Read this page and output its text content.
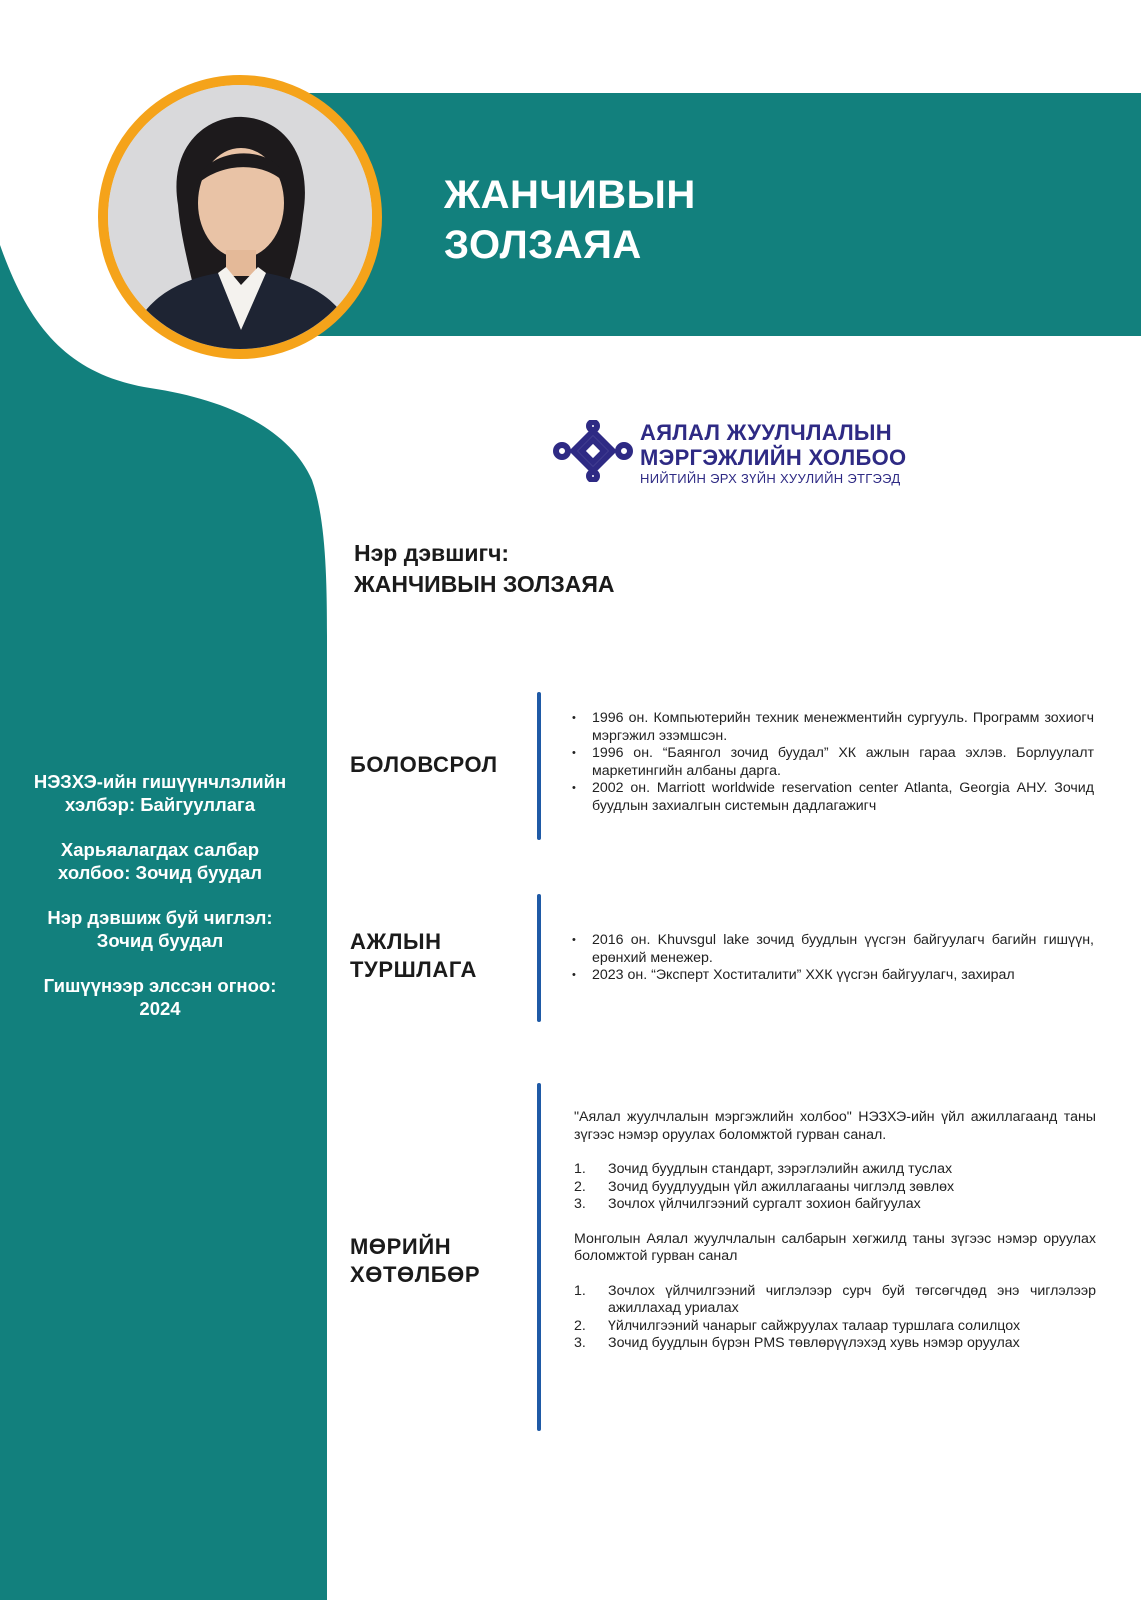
ЖАНЧИВЫН
ЗОЛЗАЯА
АЯЛАЛ ЖУУЛЧЛАЛЫН
МЭРГЭЖЛИЙН ХОЛБОО
НИЙТИЙН ЭРХ ЗҮЙН ХУУЛИЙН ЭТГЭЭД
Нэр дэвшигч:
ЖАНЧИВЫН ЗОЛЗАЯА
НЭЗХЭ-ийн гишүүнчлэлийн хэлбэр: Байгууллага
Харьяалагдах салбар холбоо: Зочид буудал
Нэр дэвшиж буй чиглэл: Зочид буудал
Гишүүнээр элссэн огноо: 2024
БОЛОВСРОЛ
• 1996 он. Компьютерийн техник менежментийн сургууль. Программ зохиогч мэргэжил эзэмшсэн.
• 1996 он. “Баянгол зочид буудал” ХК ажлын гараа эхлэв. Борлуулалт маркетингийн албаны дарга.
• 2002 он. Marriott worldwide reservation center Atlanta, Georgia АНУ. Зочид буудлын захиалгын системын дадлагажигч
АЖЛЫН
ТУРШЛАГА
• 2016 он. Khuvsgul lake зочид буудлын үүсгэн байгуулагч багийн гишүүн, ерөнхий менежер.
• 2023 он. “Эксперт Хоститалити” ХХК үүсгэн байгуулагч, захирал
МӨРИЙН
ХӨТӨЛБӨР

"Аялал жуулчлалын мэргэжлийн холбоо" НЭЗХЭ-ийн үйл ажиллагаанд таны зүгээс нэмэр оруулах боломжтой гурван санал.

1. Зочид буудлын стандарт, зэрэглэлийн ажилд туслах
2. Зочид буудлуудын үйл ажиллагааны чиглэлд зөвлөх
3. Зочлох үйлчилгээний сургалт зохион байгуулах

Монголын Аялал жуулчлалын салбарын хөгжилд таны зүгээс нэмэр оруулах боломжтой гурван санал

1. Зочлох үйлчилгээний чиглэлээр сурч буй төгсөгчдөд энэ чиглэлээр ажиллахад уриалах
2. Үйлчилгээний чанарыг сайжруулах талаар туршлага солилцох
3. Зочид буудлын бүрэн PMS төвлөрүүлэхэд хувь нэмэр оруулах
